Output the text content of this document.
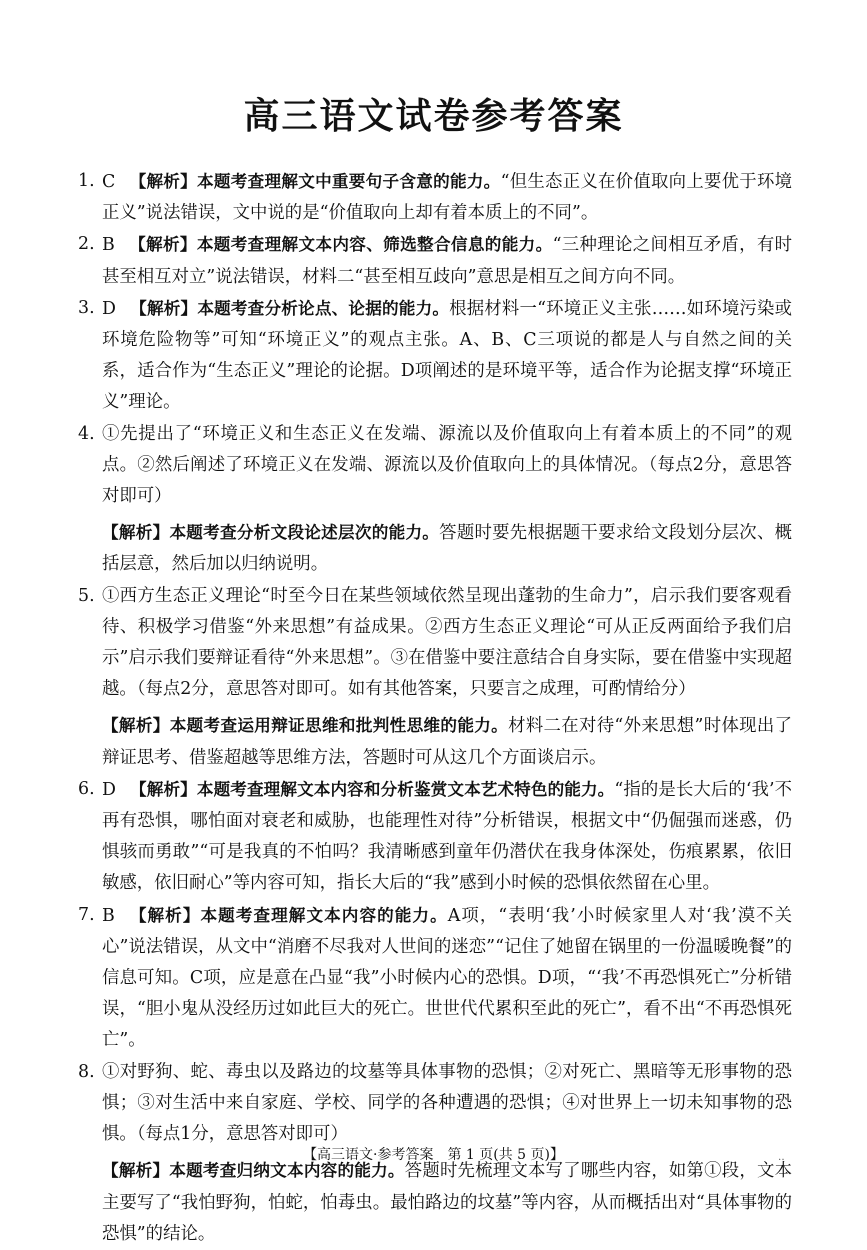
高三语文试卷参考答案
1. C 【解析】本题考查理解文中重要句子含意的能力。“但生态正义在价值取向上要优于环境正义”说法错误，文中说的是“价值取向上却有着本质上的不同”。
2. B 【解析】本题考查理解文本内容、筛选整合信息的能力。“三种理论之间相互矛盾，有时甚至相互对立”说法错误，材料二“甚至相互歧向”意思是相互之间方向不同。
3. D 【解析】本题考查分析论点、论据的能力。根据材料一“环境正义主张……如环境污染或环境危险物等”可知“环境正义”的观点主张。A、B、C三项说的都是人与自然之间的关系，适合作为“生态正义”理论的论据。D项阐述的是环境平等，适合作为论据支撑“环境正义”理论。
4. ①先提出了“环境正义和生态正义在发端、源流以及价值取向上有着本质上的不同”的观点。②然后阐述了环境正义在发端、源流以及价值取向上的具体情况。（每点2分，意思答对即可）
【解析】本题考查分析文段论述层次的能力。答题时要先根据题干要求给文段划分层次、概括层意，然后加以归纳说明。
5. ①西方生态正义理论“时至今日在某些领域依然呈现出蓬勃的生命力”，启示我们要客观看待、积极学习借鉴“外来思想”有益成果。②西方生态正义理论“可从正反两面给予我们启示”启示我们要辩证看待“外来思想”。③在借鉴中要注意结合自身实际，要在借鉴中实现超越。（每点2分，意思答对即可。如有其他答案，只要言之成理，可酌情给分）
【解析】本题考查运用辩证思维和批判性思维的能力。材料二在对待“外来思想”时体现出了辩证思考、借鉴超越等思维方法，答题时可从这几个方面谈启示。
6. D 【解析】本题考查理解文本内容和分析鉴赏文本艺术特色的能力。“指的是长大后的‘我’不再有恐惧，哪怕面对衰老和威胁，也能理性对待”分析错误，根据文中“仍倔强而迷惑，仍惧骇而勇敢”“可是我真的不怕吗？我清晰感到童年仍潜伏在我身体深处，伤痕累累，依旧敏感，依旧耐心”等内容可知，指长大后的“我”感到小时候的恐惧依然留在心里。
7. B 【解析】本题考查理解文本内容的能力。A项，“表明‘我’小时候家里人对‘我’漠不关心”说法错误，从文中“消磨不尽我对人世间的迷恋”“记住了她留在锅里的一份温暖晚餐”的信息可知。C项，应是意在凸显“我”小时候内心的恐惧。D项，“‘我’不再恐惧死亡”分析错误，“胆小鬼从没经历过如此巨大的死亡。世世代代累积至此的死亡”，看不出“不再恐惧死亡”。
8. ①对野狗、蛇、毒虫以及路边的坟墓等具体事物的恐惧；②对死亡、黑暗等无形事物的恐惧；③对生活中来自家庭、学校、同学的各种遭遇的恐惧；④对世界上一切未知事物的恐惧。（每点1分，意思答对即可）
【解析】本题考查归纳文本内容的能力。答题时先梳理文本写了哪些内容，如第①段，文本主要写了“我怕野狗，怕蛇，怕毒虫。最怕路边的坟墓”等内容，从而概括出对“具体事物的恐惧”的结论。
【高三语文·参考答案　第 1 页(共 5 页)】	‥
